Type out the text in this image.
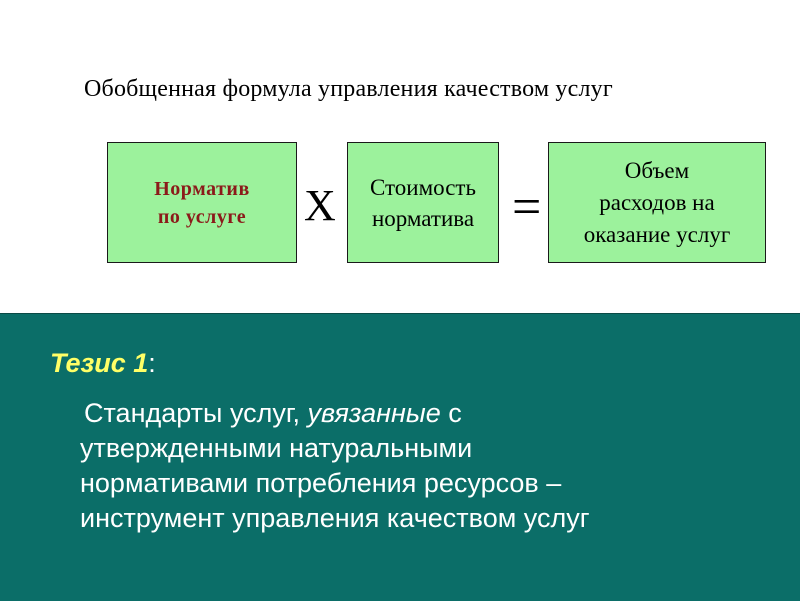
Обобщенная формула управления качеством услуг
Норматив
по услуге Х Стоимость
норматива =
Объем
расходов на
оказание услуг
Тезис 1:
Стандарты услуг, увязанные с
утвержденными натуральными
нормативами потребления ресурсов –
инструмент управления качеством услуг
